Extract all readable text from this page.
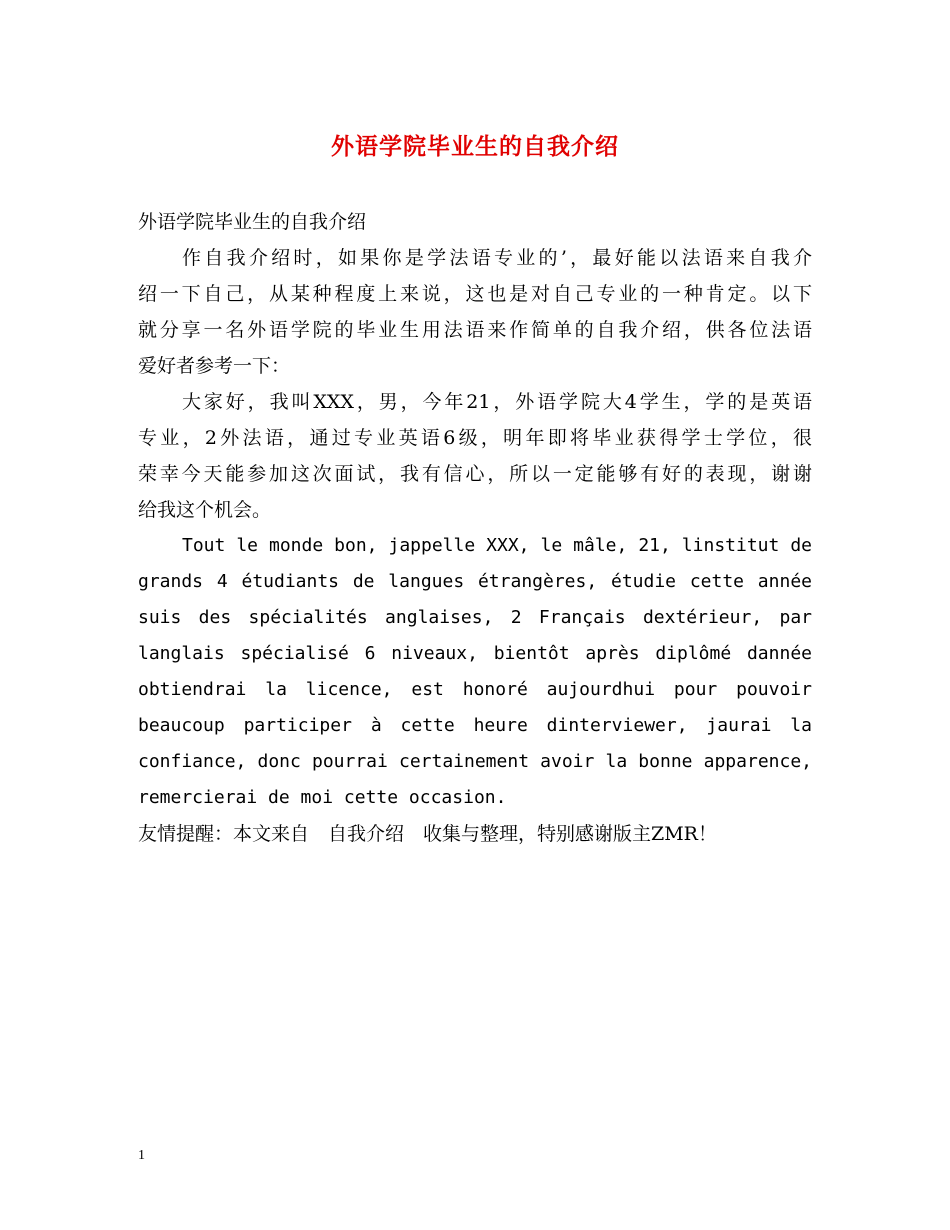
外语学院毕业生的自我介绍
外语学院毕业生的自我介绍
作自我介绍时，如果你是学法语专业的’，最好能以法语来自我介
绍一下自己，从某种程度上来说，这也是对自己专业的一种肯定。以下
就分享一名外语学院的毕业生用法语来作简单的自我介绍，供各位法语
爱好者参考一下：
大家好，我叫XXX，男，今年21，外语学院大4学生，学的是英语
专业，2外法语，通过专业英语6级，明年即将毕业获得学士学位，很
荣幸今天能参加这次面试，我有信心，所以一定能够有好的表现，谢谢
给我这个机会。
Tout le monde bon, jappelle XXX, le mâle, 21, linstitut de
grands 4 étudiants de langues étrangères, étudie cette année
suis des spécialités anglaises, 2 Français dextérieur, par
langlais spécialisé 6 niveaux, bientôt après diplômé dannée
obtiendrai la licence, est honoré aujourdhui pour pouvoir
beaucoup participer à cette heure dinterviewer, jaurai la
confiance, donc pourrai certainement avoir la bonne apparence,
remercierai de moi cette occasion.
友情提醒：本文来自　自我介绍　收集与整理，特别感谢版主ZMR！
1
